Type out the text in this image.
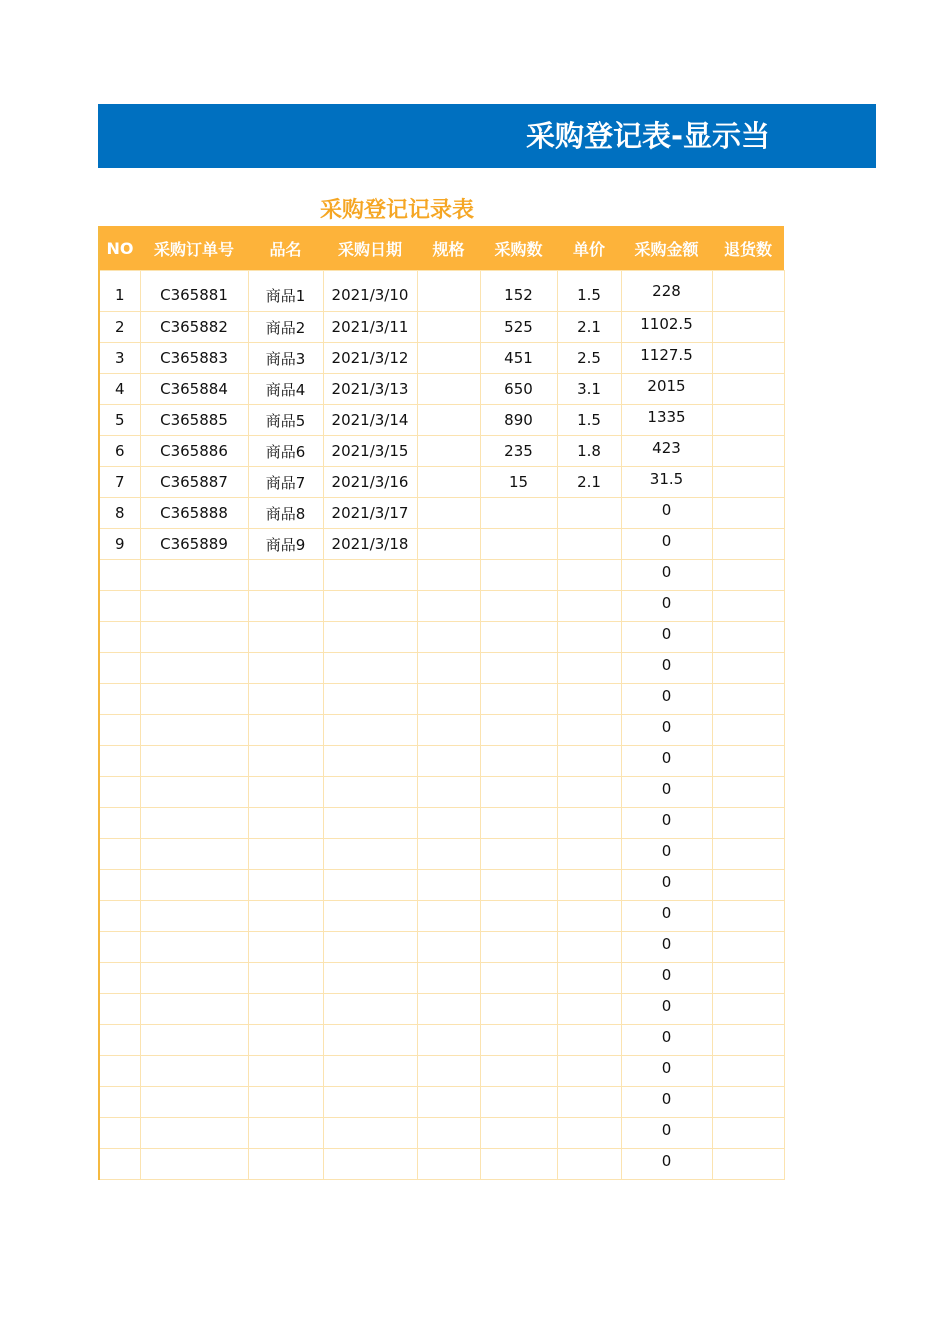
采购登记表-显示当
采购登记记录表
NO	采购订单号	品名	采购日期	规格	采购数	单价	采购金额	退货数
1	C365881	商品1	2021/3/10		152	1.5	228	
2	C365882	商品2	2021/3/11		525	2.1	1102.5	
3	C365883	商品3	2021/3/12		451	2.5	1127.5	
4	C365884	商品4	2021/3/13		650	3.1	2015	
5	C365885	商品5	2021/3/14		890	1.5	1335	
6	C365886	商品6	2021/3/15		235	1.8	423	
7	C365887	商品7	2021/3/16		15	2.1	31.5	
8	C365888	商品8	2021/3/17				0	
9	C365889	商品9	2021/3/18				0	
							0	
							0	
							0	
							0	
							0	
							0	
							0	
							0	
							0	
							0	
							0	
							0	
							0	
							0	
							0	
							0	
							0	
							0	
							0	
							0	
